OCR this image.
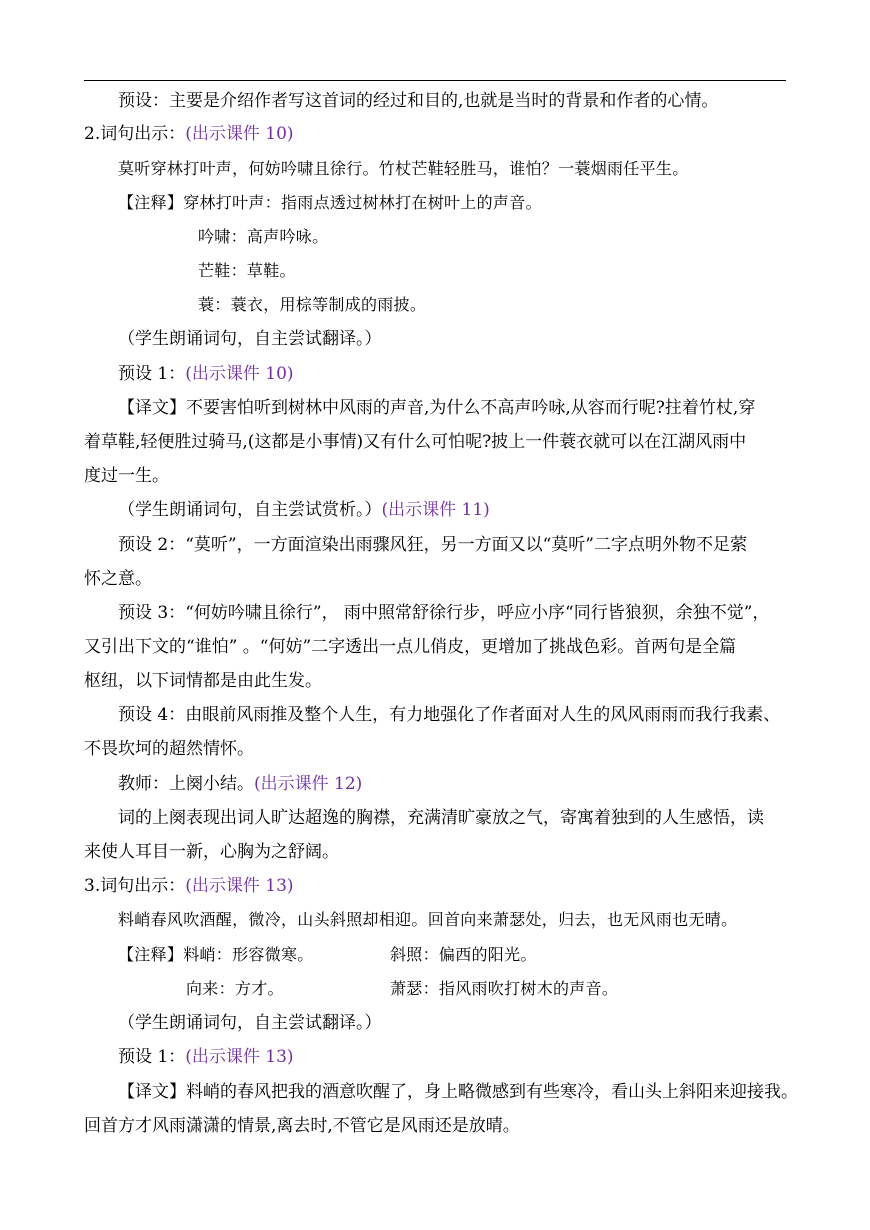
预设：主要是介绍作者写这首词的经过和目的,也就是当时的背景和作者的心情。
2.词句出示：(出示课件 10)
莫听穿林打叶声，何妨吟啸且徐行。竹杖芒鞋轻胜马，谁怕？一蓑烟雨任平生。
【注释】穿林打叶声：指雨点透过树林打在树叶上的声音。
吟啸：高声吟咏。
芒鞋：草鞋。
蓑：蓑衣，用棕等制成的雨披。
（学生朗诵词句，自主尝试翻译。）
预设 1：(出示课件 10)
【译文】不要害怕听到树林中风雨的声音,为什么不高声吟咏,从容而行呢?拄着竹杖,穿
着草鞋,轻便胜过骑马,(这都是小事情)又有什么可怕呢?披上一件蓑衣就可以在江湖风雨中
度过一生。
（学生朗诵词句，自主尝试赏析。）(出示课件 11)
预设 2：“莫听”，一方面渲染出雨骤风狂，另一方面又以“莫听”二字点明外物不足萦
怀之意。
预设 3：“何妨吟啸且徐行”， 雨中照常舒徐行步，呼应小序“同行皆狼狈，余独不觉”，
又引出下文的“谁怕” 。“何妨”二字透出一点儿俏皮，更增加了挑战色彩。首两句是全篇
枢纽，以下词情都是由此生发。
预设 4：由眼前风雨推及整个人生，有力地强化了作者面对人生的风风雨雨而我行我素、
不畏坎坷的超然情怀。
教师：上阕小结。(出示课件 12)
词的上阕表现出词人旷达超逸的胸襟，充满清旷豪放之气，寄寓着独到的人生感悟，读
来使人耳目一新，心胸为之舒阔。
3.词句出示：(出示课件 13)
料峭春风吹酒醒，微冷，山头斜照却相迎。回首向来萧瑟处，归去，也无风雨也无晴。
【注释】料峭：形容微寒。	斜照：偏西的阳光。
向来：方才。	萧瑟：指风雨吹打树木的声音。
（学生朗诵词句，自主尝试翻译。）
预设 1：(出示课件 13)
【译文】料峭的春风把我的酒意吹醒了，身上略微感到有些寒冷，看山头上斜阳来迎接我。
回首方才风雨潇潇的情景,离去时,不管它是风雨还是放晴。
